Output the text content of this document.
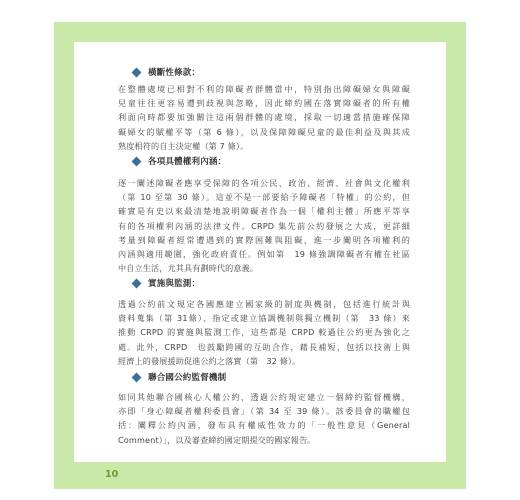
橫斷性條款：
在整體處境已相對不利的障礙者群體當中，特別指出障礙婦女與障礙
兒童往往更容易遭到歧視與忽略，因此締約國在落實障礙者的所有權
利面向時都要加強關注這兩個群體的處境，採取一切適當措施確保障
礙婦女的賦權平等（第 6 條），以及保障障礙兒童的最佳利益及與其成
熟度相符的自主決定權（第 7 條）。
各項具體權利內涵：
逐一闡述障礙者應享受保障的各項公民、政治、經濟、社會與文化權利
（第 10 至第 30 條）。這並不是一部要給予障礙者「特權」的公約，但
確實是有史以來最清楚地說明障礙者作為一個「權利主體」所應平等享
有的各項權利內涵的法律文件。CRPD 集先前公約發展之大成，更詳細
考量到障礙者經常遭遇到的實際困難與阻礙，進一步闡明各項權利的
內涵與適用範圍，強化政府責任。例如第　19 條強調障礙者有權在社區
中自立生活，尤其具有劃時代的意義。
實施與監測：
透過公約前文規定各國應建立國家級的制度與機制，包括進行統計與
資料蒐集（第 31條）、指定或建立協調機制與獨立機制（第　33 條）來
推動 CRPD 的實施與監測工作，這些都是 CRPD 較過往公約更為強化之
處。此外，CRPD　也鼓勵跨國的互助合作，藉長補短，包括以技術上與
經濟上的發展援助促進公約之落實（第　32 條）。
聯合國公約監督機制
如同其他聯合國核心人權公約，透過公約規定建立一個締約監督機構，
亦即「身心障礙者權利委員會」（第 34 至 39 條）。該委員會的職權包
括：闡釋公約內涵，發布具有權威性效力的「一般性意見（General
Comment）」，以及審查締約國定期提交的國家報告。
10
